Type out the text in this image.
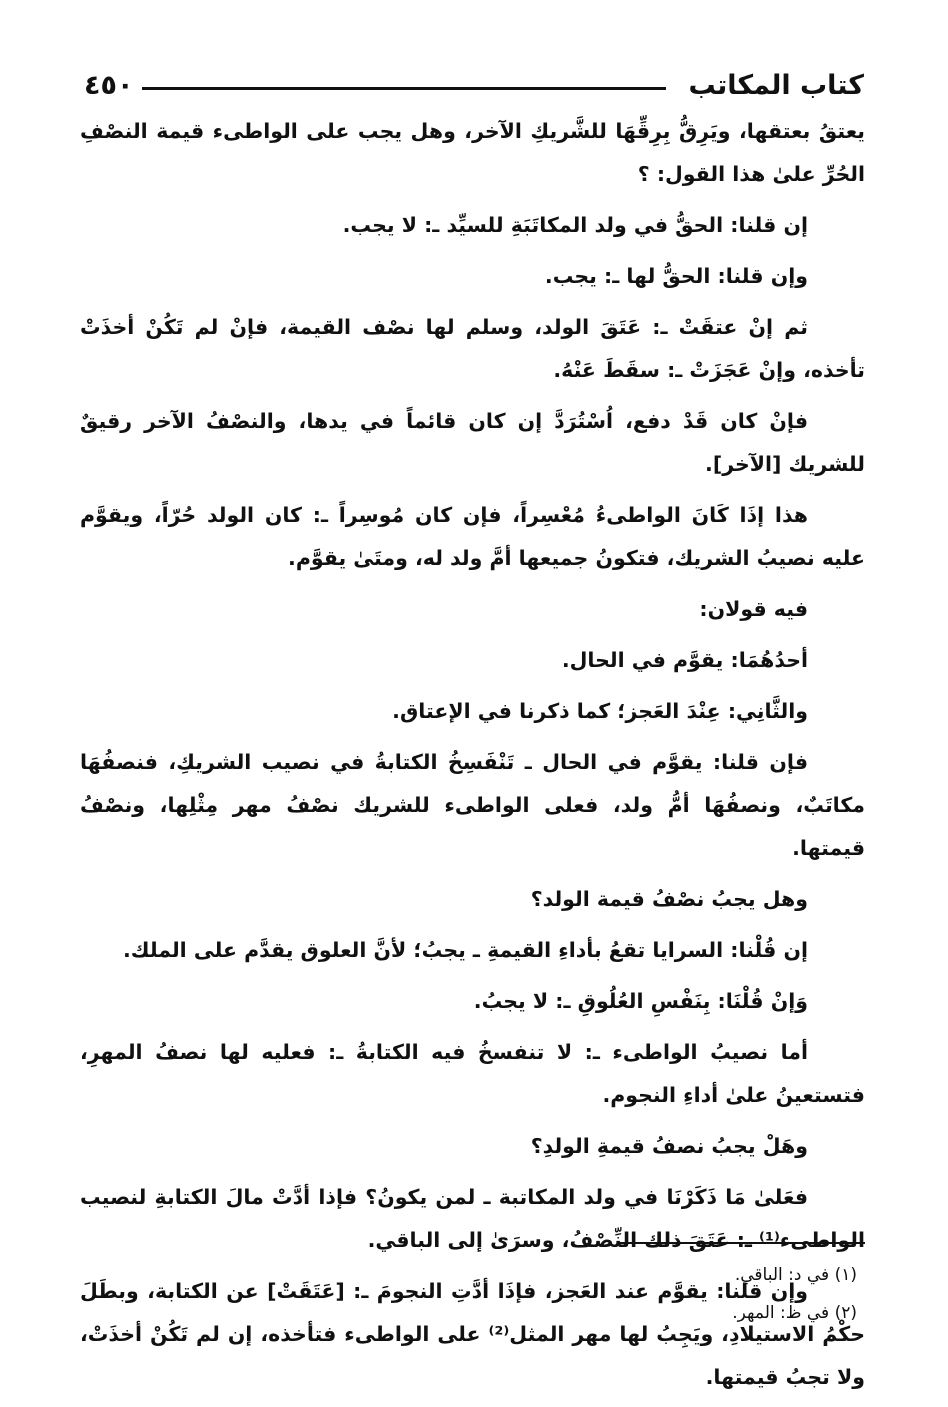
٤٥٠	كتاب المكاتب

يعتقُ بعتقها، ويَرِقُّ بِرِقِّهَا للشَّريكِ الآخر، وهل يجب على الواطىء قيمة النصْفِ الحُرِّ علىٰ هذا القول: ؟

إن قلنا: الحقُّ في ولد المكاتَبَةِ للسيِّد ـ: لا يجب.

وإن قلنا: الحقُّ لها ـ: يجب.

ثم إنْ عتقَتْ ـ: عَتَقَ الولد، وسلم لها نصْف القيمة، فإنْ لم تَكُنْ أخذَتْ تأخذه، وإنْ عَجَزَتْ ـ: سقَطَ عَنْهُ.

فإنْ كان قَدْ دفع، اُسْتُرَدَّ إن كان قائماً في يدها، والنصْفُ الآخر رقيقٌ للشريك [الآخر].

هذا إذَا كَانَ الواطىءُ مُعْسِراً، فإن كان مُوسِراً ـ: كان الولد حُرّاً، ويقوَّم عليه نصيبُ الشريك، فتكونُ جميعها أمَّ ولد له، ومتَىٰ يقوَّم.

فيه قولان:

أحدُهُمَا: يقوَّم في الحال.

والثَّانِي: عِنْدَ العَجز؛ كما ذكرنا في الإعتاق.

فإن قلنا: يقوَّم في الحال ـ تَنْفَسِخُ الكتابةُ في نصيب الشريكِ، فنصفُهَا مكاتَبٌ، ونصفُهَا أمُّ ولد، فعلى الواطىء للشريك نصْفُ مهر مِثْلِها، ونصْفُ قيمتها.

وهل يجبُ نصْفُ قيمة الولد؟

إن قُلْنا: السرايا تقعُ بأداءِ القيمةِ ـ يجبُ؛ لأنَّ العلوق يقدَّم على الملك.

وَإنْ قُلْنَا: بِنَفْسِ العُلُوقِ ـ: لا يجبُ.

أما نصيبُ الواطىء ـ: لا تنفسخُ فيه الكتابةُ ـ: فعليه لها نصفُ المهرِ، فتستعينُ علىٰ أداءِ النجوم.

وهَلْ يجبُ نصفُ قيمةِ الولدِ؟

فعَلىٰ مَا ذَكَرْنَا في ولد المكاتبة ـ لمن يكونُ؟ فإذا أدَّتْ مالَ الكتابةِ لنصيب الواطىء⁽¹⁾ ـ: عَتَقَ ذلك النِّصْفُ، وسرَىٰ إلى الباقي.

وإن قلنا: يقوَّم عند العَجز، فإذَا أدَّتِ النجومَ ـ: [عَتَقَتْ] عن الكتابة، وبطَلَ حكْمُ الاستيلادِ، ويَجِبُ لها مهر المثل⁽²⁾ على الواطىء فتأخذه، إن لم تَكُنْ أخذَتْ، ولا تجبُ قيمتها.

(١) في د: الباقي.

(٢) في ظ: المهر.
